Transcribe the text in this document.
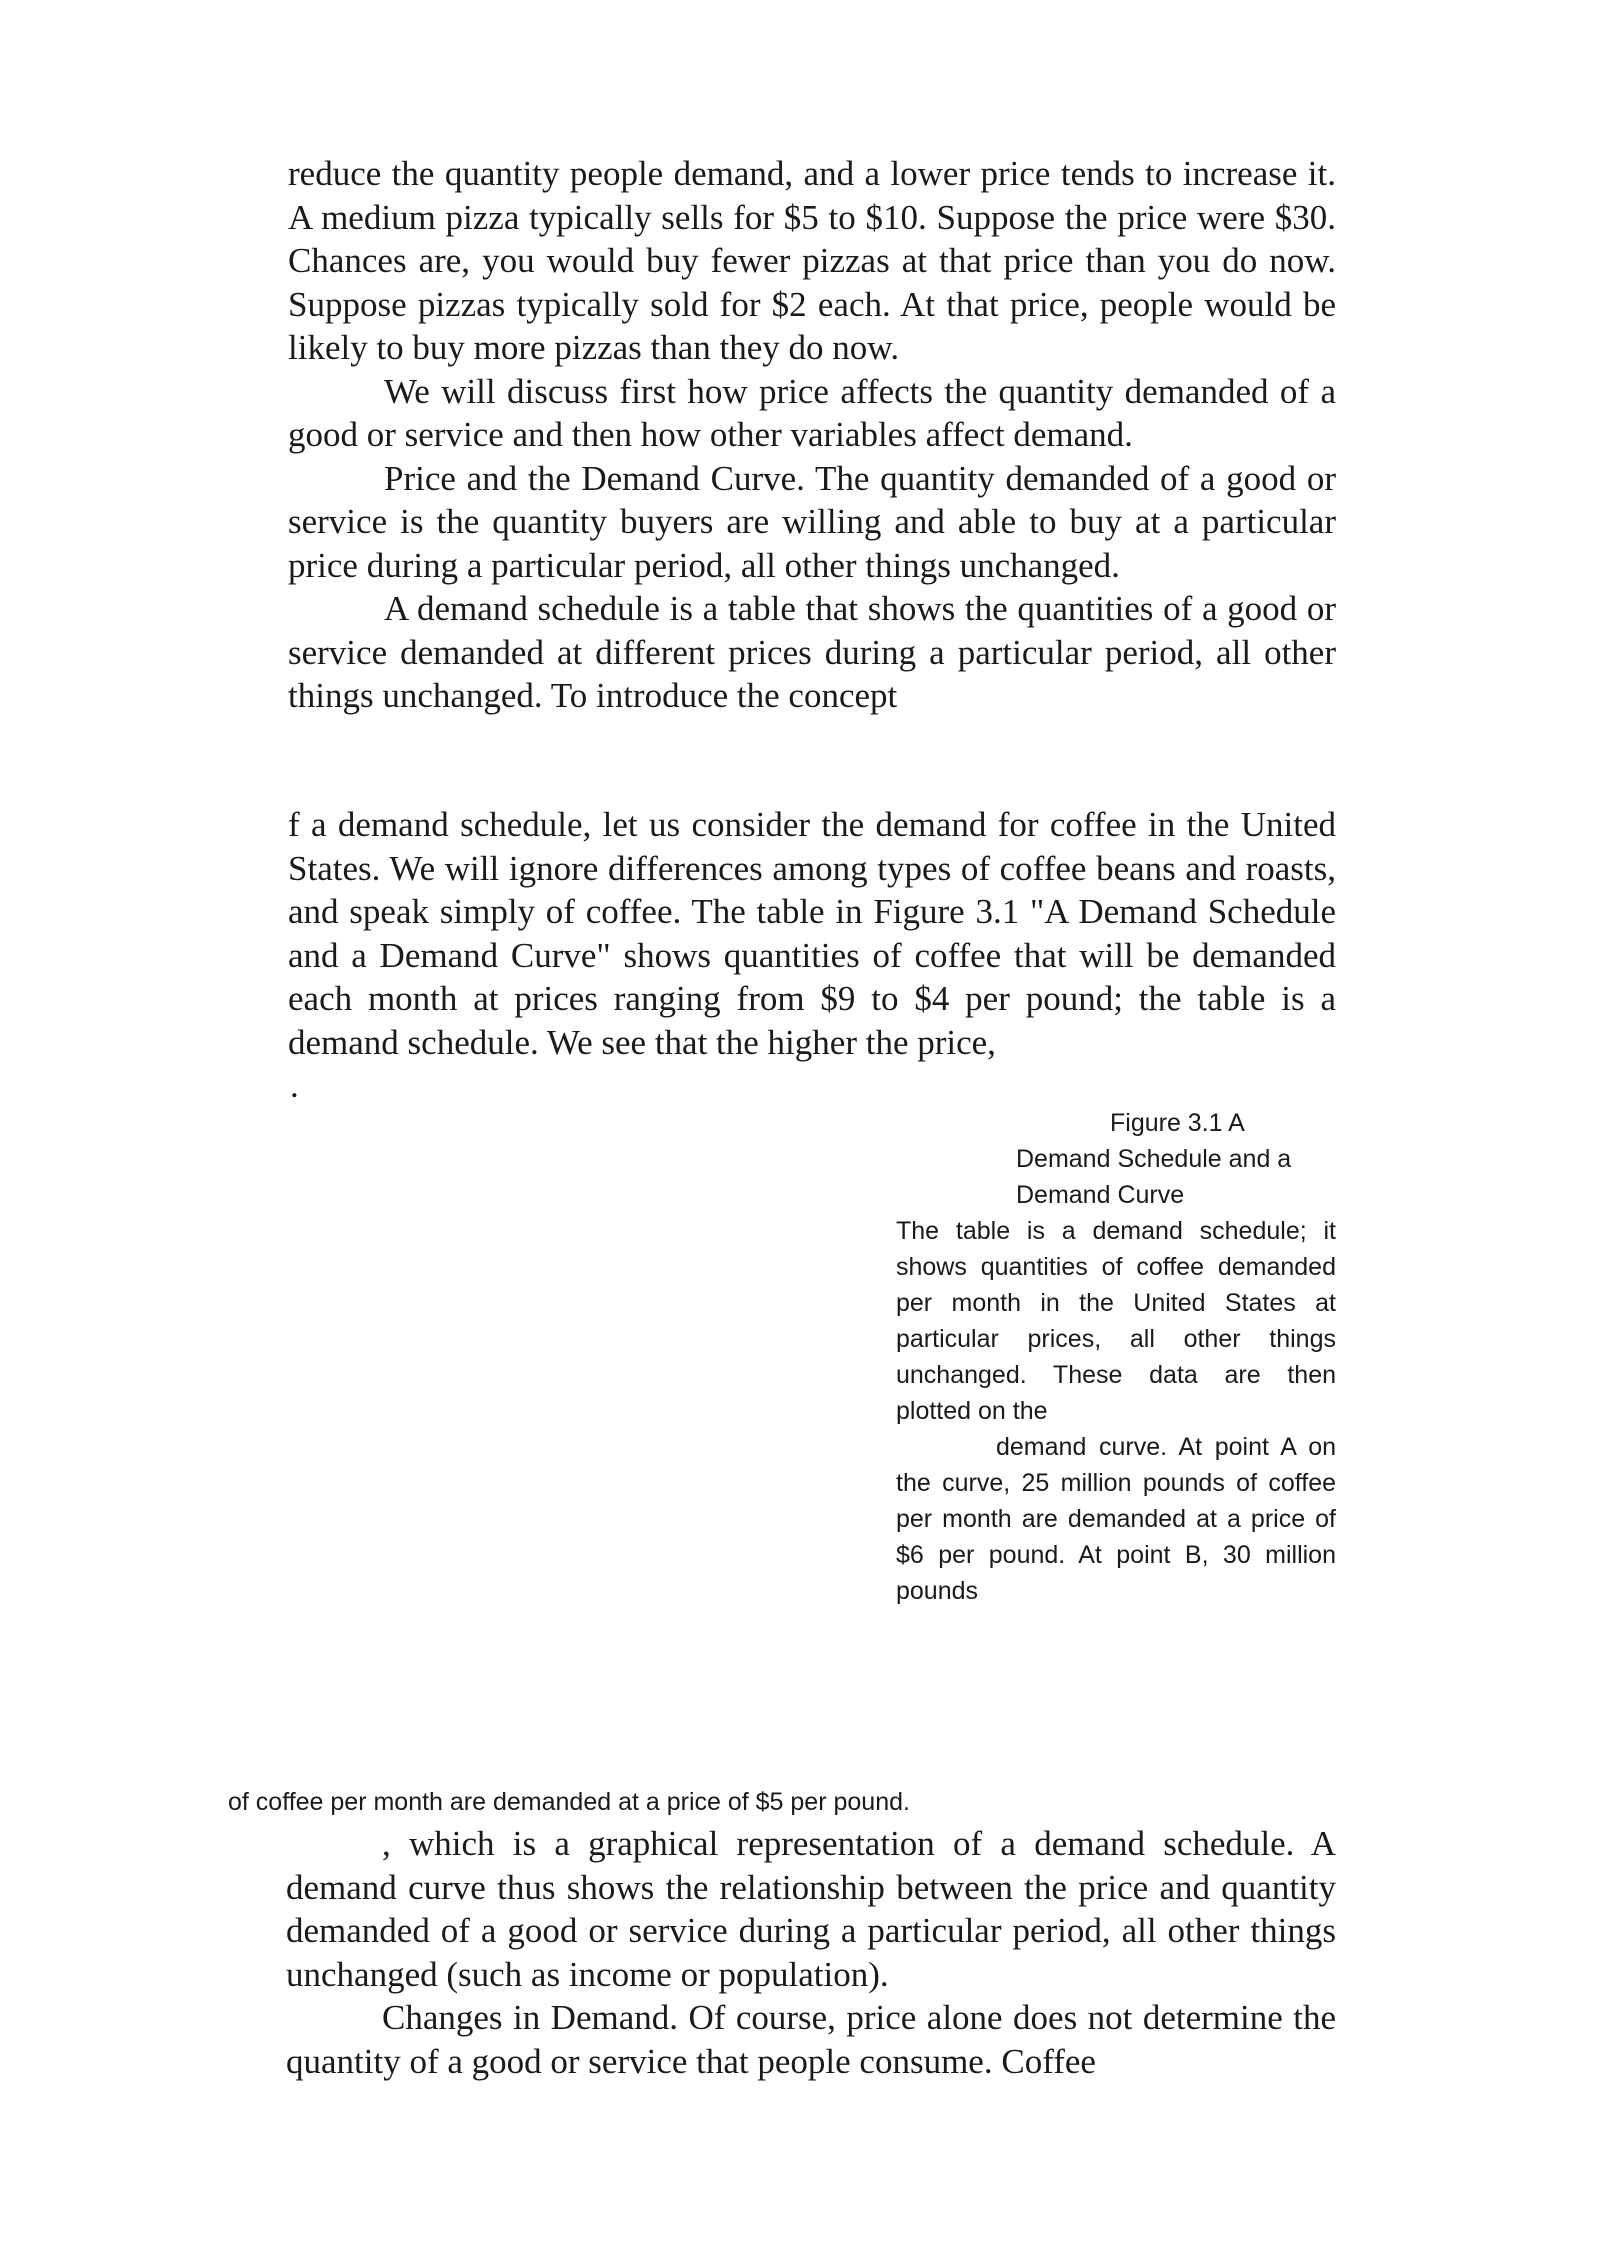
reduce the quantity people demand, and a lower price tends to increase it. A medium pizza typically sells for $5 to $10. Suppose the price were $30. Chances are, you would buy fewer pizzas at that price than you do now. Suppose pizzas typically sold for $2 each. At that price, people would be likely to buy more pizzas than they do now.

We will discuss first how price affects the quantity demanded of a good or service and then how other variables affect demand.

Price and the Demand Curve. The quantity demanded of a good or service is the quantity buyers are willing and able to buy at a particular price during a particular period, all other things unchanged.

A demand schedule is a table that shows the quantities of a good or service demanded at different prices during a particular period, all other things unchanged. To introduce the concept

f a demand schedule, let us consider the demand for coffee in the United States. We will ignore differences among types of coffee beans and roasts, and speak simply of coffee. The table in Figure 3.1 "A Demand Schedule and a Demand Curve" shows quantities of coffee that will be demanded each month at prices ranging from $9 to $4 per pound; the table is a demand schedule. We see that the higher the price,

.
Figure 3.1 A
Demand Schedule and a
Demand Curve

The table is a demand schedule; it shows quantities of coffee demanded per month in the United States at particular prices, all other things unchanged. These data are then plotted on the

demand curve. At point A on the curve, 25 million pounds of coffee per month are demanded at a price of $6 per pound. At point B, 30 million pounds

of coffee per month are demanded at a price of $5 per pound.

, which is a graphical representation of a demand schedule. A demand curve thus shows the relationship between the price and quantity demanded of a good or service during a particular period, all other things unchanged (such as income or population).

Changes in Demand. Of course, price alone does not determine the quantity of a good or service that people consume. Coffee
